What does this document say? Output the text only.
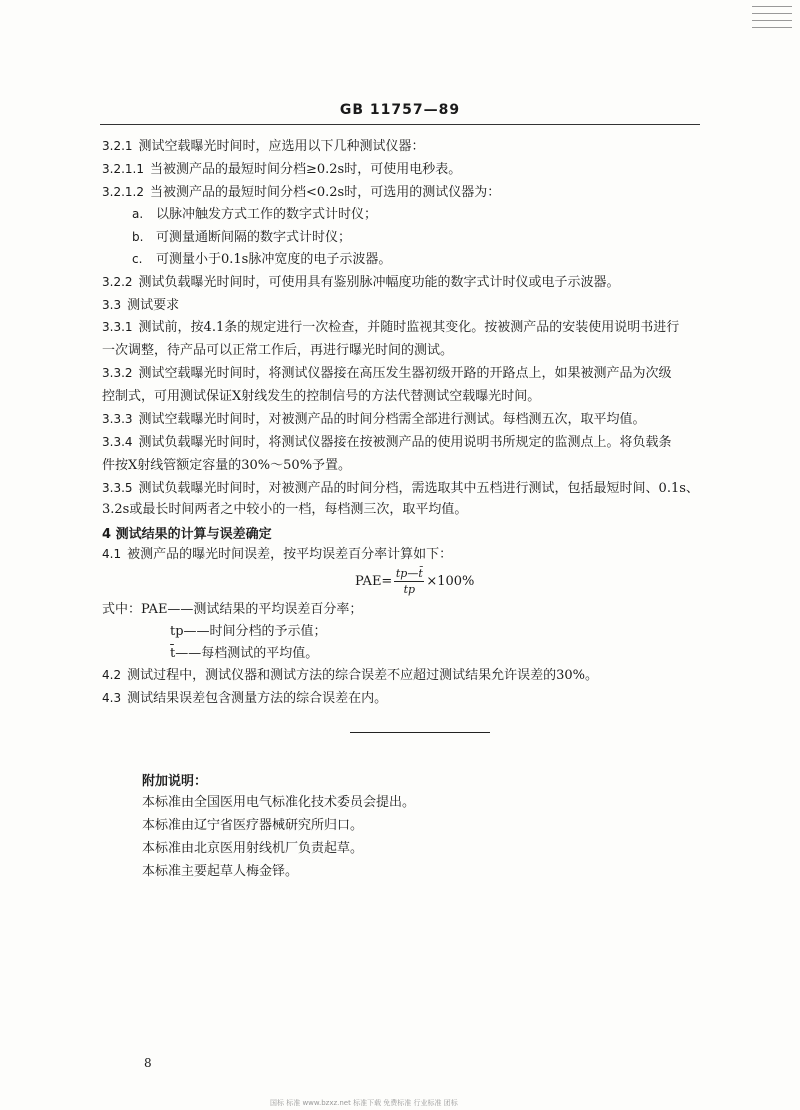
GB 11757—89
3.2.1 测试空载曝光时间时，应选用以下几种测试仪器：
3.2.1.1 当被测产品的最短时间分档≥0.2s时，可使用电秒表。
3.2.1.2 当被测产品的最短时间分档<0.2s时，可选用的测试仪器为：
a. 以脉冲触发方式工作的数字式计时仪；
b. 可测量通断间隔的数字式计时仪；
c. 可测量小于0.1s脉冲宽度的电子示波器。
3.2.2 测试负载曝光时间时，可使用具有鉴别脉冲幅度功能的数字式计时仪或电子示波器。
3.3 测试要求
3.3.1 测试前，按4.1条的规定进行一次检查，并随时监视其变化。按被测产品的安装使用说明书进行
一次调整，待产品可以正常工作后，再进行曝光时间的测试。
3.3.2 测试空载曝光时间时，将测试仪器接在高压发生器初级开路的开路点上，如果被测产品为次级
控制式，可用测试保证X射线发生的控制信号的方法代替测试空载曝光时间。
3.3.3 测试空载曝光时间时，对被测产品的时间分档需全部进行测试。每档测五次，取平均值。
3.3.4 测试负载曝光时间时，将测试仪器接在按被测产品的使用说明书所规定的监测点上。将负载条
件按X射线管额定容量的30%～50%予置。
3.3.5 测试负载曝光时间时，对被测产品的时间分档，需选取其中五档进行测试，包括最短时间、0.1s、
3.2s或最长时间两者之中较小的一档，每档测三次，取平均值。
4 测试结果的计算与误差确定
4.1 被测产品的曝光时间误差，按平均误差百分率计算如下：
$PAE= \frac{tp—t̄}{tp} \times 100\%$
式中：PAE——测试结果的平均误差百分率；
tp——时间分档的予示值；
t̄——每档测试的平均值。
4.2 测试过程中，测试仪器和测试方法的综合误差不应超过测试结果允许误差的30%。
4.3 测试结果误差包含测量方法的综合误差在内。
附加说明：
本标准由全国医用电气标准化技术委员会提出。
本标准由辽宁省医疗器械研究所归口。
本标准由北京医用射线机厂负责起草。
本标准主要起草人梅金铎。
8
国标 标准 www.bzxz.net 标准下载 免费标准 行业标准 团标
